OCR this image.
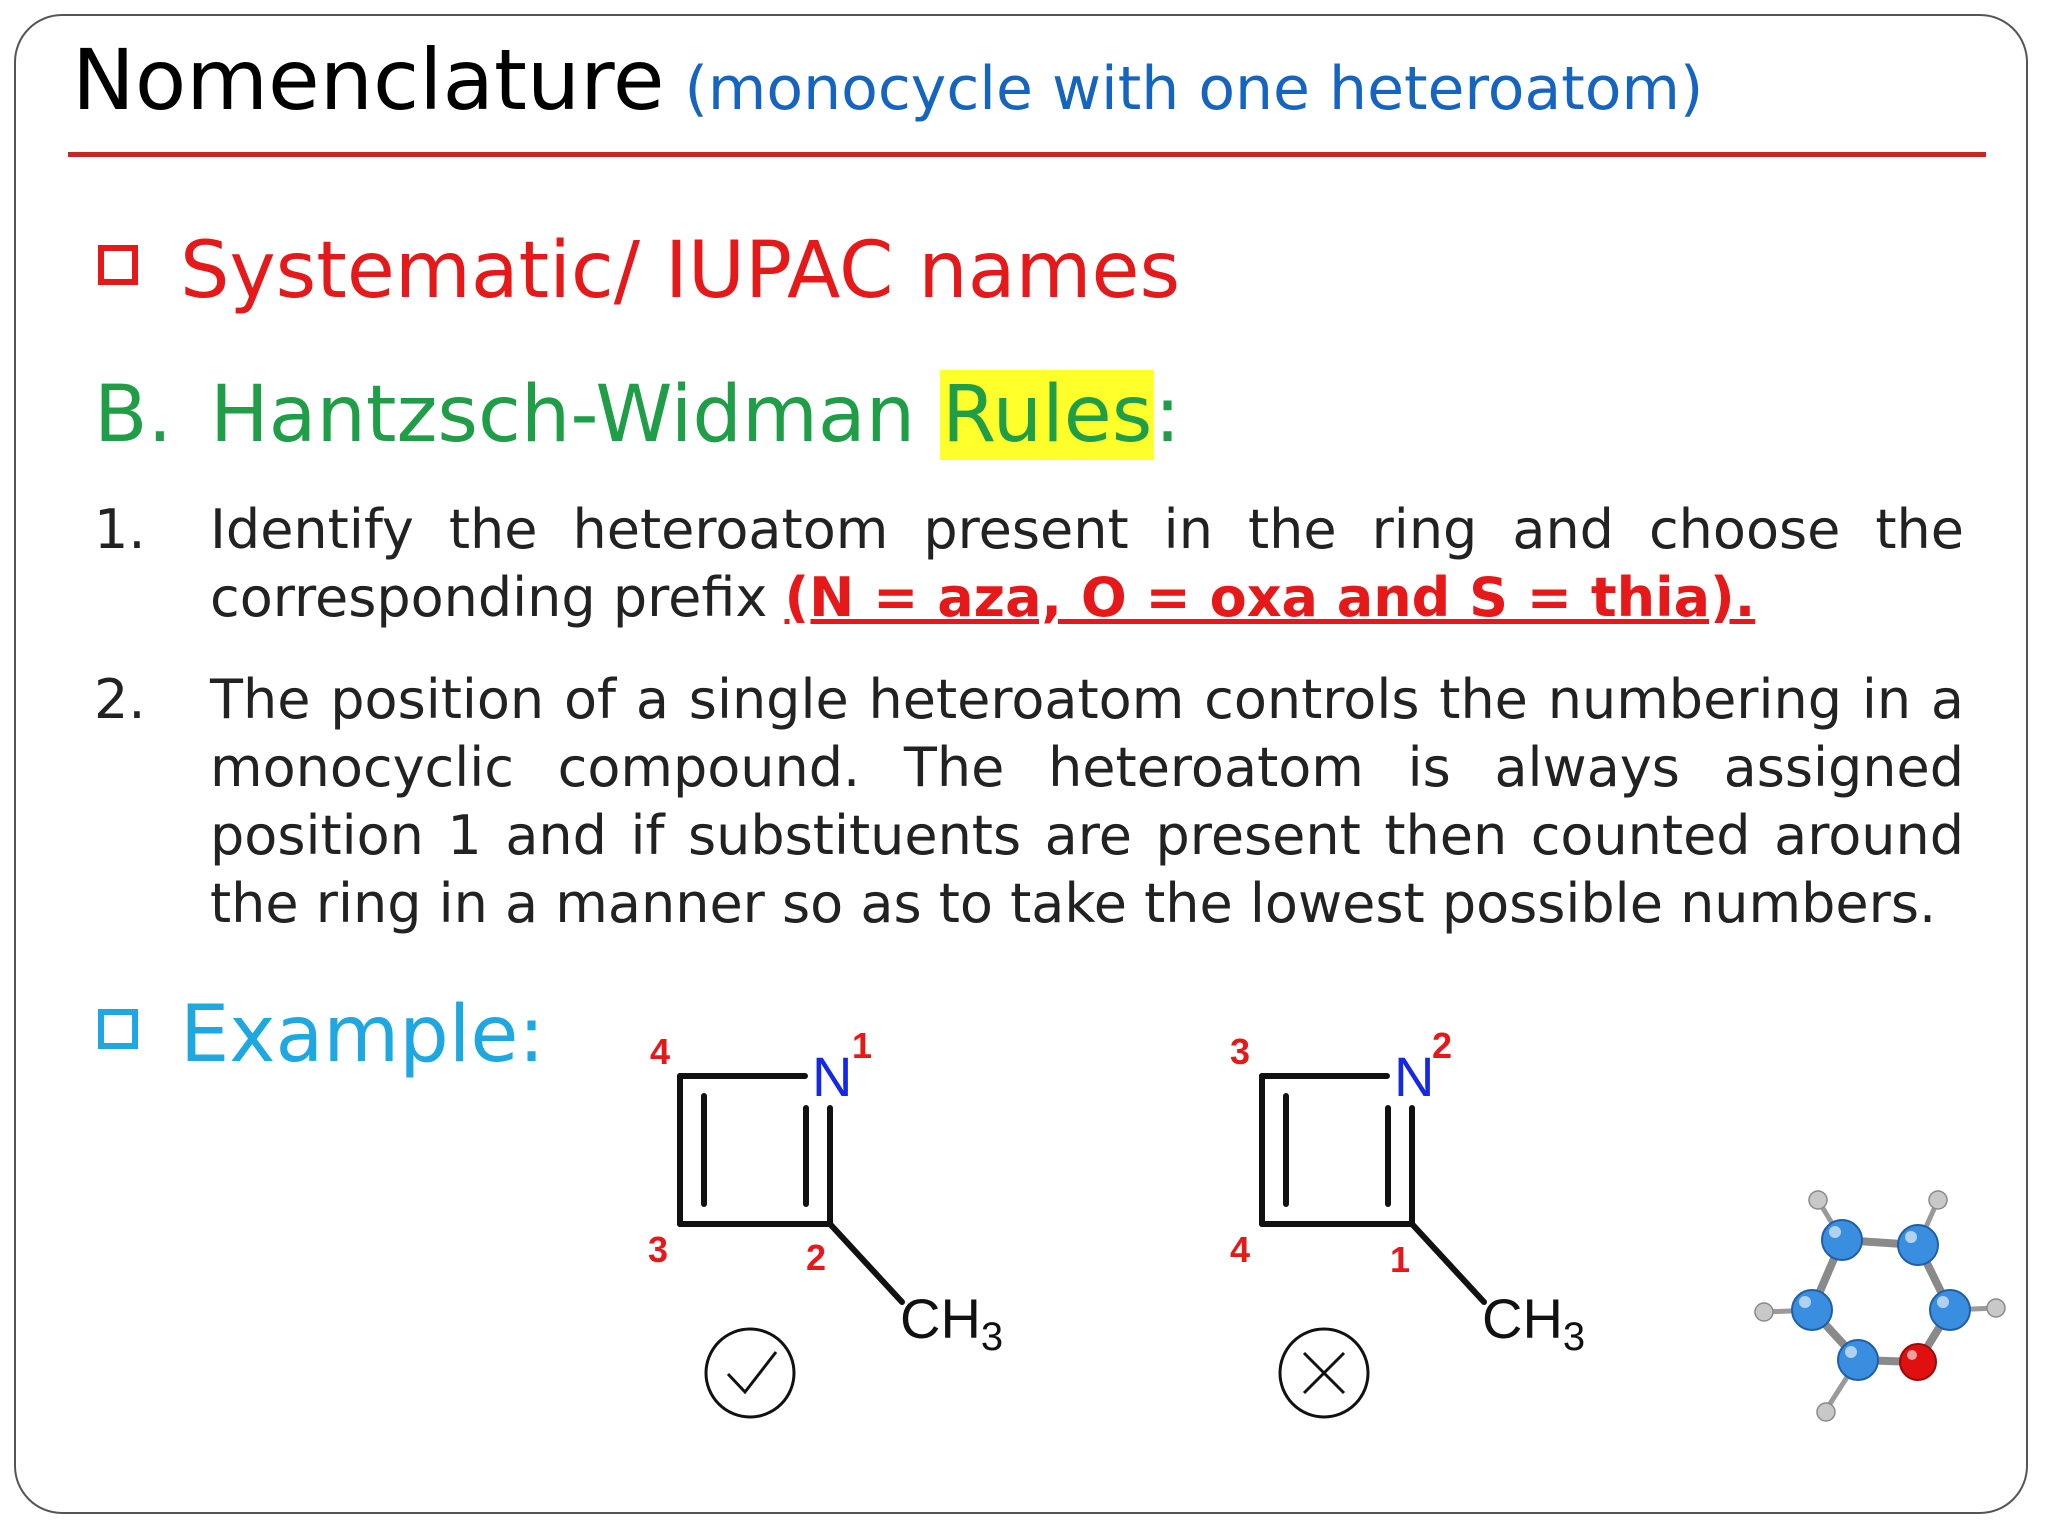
Nomenclature (monocycle with one heteroatom)
Systematic/ IUPAC names
B. Hantzsch-Widman Rules:
1. Identify the heteroatom present in the ring and choose the corresponding prefix (N = aza, O = oxa and S = thia).
2. The position of a single heteroatom controls the numbering in a monocyclic compound. The heteroatom is always assigned position 1 and if substituents are present then counted around the ring in a manner so as to take the lowest possible numbers.
Example:	N
4	1
3	2
$CH_3$
N
3	2
4	1
$CH_3$
